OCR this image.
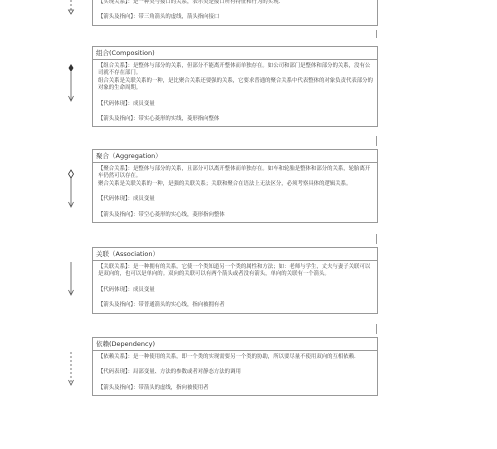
【实现关系】：是一种类与接口的关系，表示类是接口所有特征和行为的实现.

【箭头及指向】：带三角箭头的虚线，箭头指向接口

组合(Composition)

【组合关系】：是整体与部分的关系，但部分不能离开整体而单独存在。如公司和部门是整体和部分的关系，没有公司就不存在部门。

组合关系是关联关系的一种，是比聚合关系还要强的关系，它要求普通的聚合关系中代表整体的对象负责代表部分的对象的生命周期。

【代码体现】：成员变量

【箭头及指向】：带实心菱形的实线，菱形指向整体

聚合（Aggregation）

【聚合关系】：是整体与部分的关系，且部分可以离开整体而单独存在。如车和轮胎是整体和部分的关系，轮胎离开车仍然可以存在。

聚合关系是关联关系的一种，是强的关联关系；关联和聚合在语法上无法区分，必须考察具体的逻辑关系。

【代码体现】：成员变量

【箭头及指向】：带空心菱形的实心线，菱形指向整体

关联（Association）

【关联关系】：是一种拥有的关系，它使一个类知道另一个类的属性和方法；如：老师与学生，丈夫与妻子关联可以是双向的，也可以是单向的。双向的关联可以有两个箭头或者没有箭头，单向的关联有一个箭头。

【代码体现】：成员变量

【箭头及指向】：带普通箭头的实心线，指向被拥有者

依赖(Dependency)

【依赖关系】：是一种使用的关系，即一个类的实现需要另一个类的协助，所以要尽量不使用双向的互相依赖.

【代码表现】：局部变量、方法的参数或者对静态方法的调用

【箭头及指向】：带箭头的虚线，指向被使用者
